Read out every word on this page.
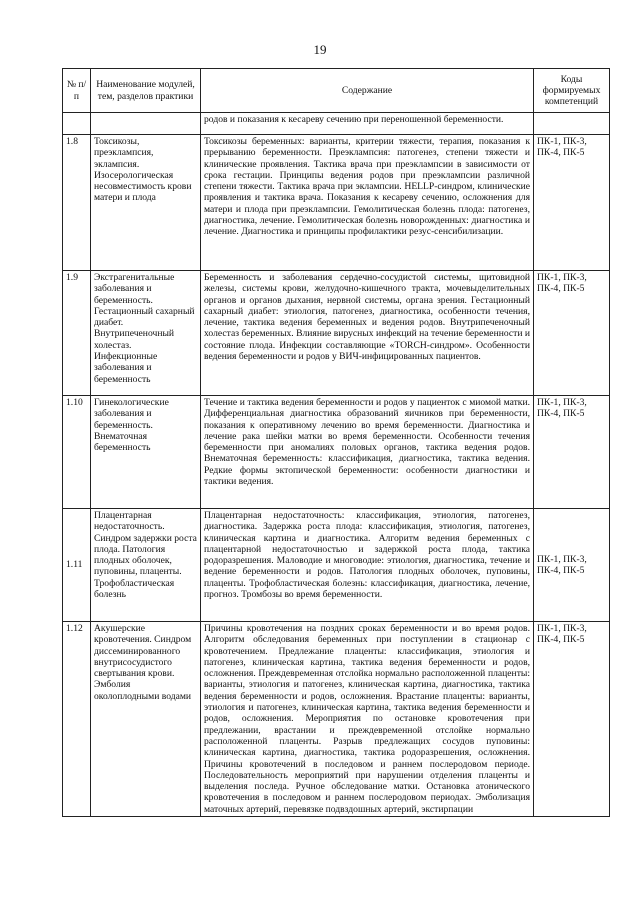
19
№ п/п	Наименование модулей, тем, разделов практики	Содержание	Коды формируемых компетенций
		родов и показания к кесареву сечению при переношенной беременности.	
1.8	Токсикозы, преэклампсия, эклампсия. Изосерологическая несовместимость крови матери и плода	Токсикозы беременных: варианты, критерии тяжести, терапия, показания к прерыванию беременности. Преэклампсия: патогенез, степени тяжести и клинические проявления. Тактика врача при преэклампсии в зависимости от срока гестации. Принципы ведения родов при преэклампсии различной степени тяжести. Тактика врача при эклампсии. HELLP-синдром, клинические проявления и тактика врача. Показания к кесареву сечению, осложнения для матери и плода при преэклампсии. Гемолитическая болезнь плода: патогенез, диагностика, лечение. Гемолитическая болезнь новорожденных: диагностика и лечение. Диагностика и принципы профилактики резус-сенсибилизации.	ПК-1, ПК-3, ПК-4, ПК-5
1.9	Экстрагенитальные заболевания и беременность. Гестационный сахарный диабет. Внутрипеченочный холестаз. Инфекционные заболевания и беременность	Беременность и заболевания сердечно-сосудистой системы, щитовидной железы, системы крови, желудочно-кишечного тракта, мочевыделительных органов и органов дыхания, нервной системы, органа зрения. Гестационный сахарный диабет: этиология, патогенез, диагностика, особенности течения, лечение, тактика ведения беременных и ведения родов. Внутрипеченочный холестаз беременных. Влияние вирусных инфекций на течение беременности и состояние плода. Инфекции составляющие «TORCH-синдром». Особенности ведения беременности и родов у ВИЧ-инфицированных пациентов.	ПК-1, ПК-3, ПК-4, ПК-5
1.10	Гинекологические заболевания и беременность. Внематочная беременность	Течение и тактика ведения беременности и родов у пациенток с миомой матки. Дифференциальная диагностика образований яичников при беременности, показания к оперативному лечению во время беременности. Диагностика и лечение рака шейки матки во время беременности. Особенности течения беременности при аномалиях половых органов, тактика ведения родов. Внематочная беременность: классификация, диагностика, тактика ведения. Редкие формы эктопической беременности: особенности диагностики и тактики ведения.	ПК-1, ПК-3, ПК-4, ПК-5
1.11	Плацентарная недостаточность. Синдром задержки роста плода. Патология плодных оболочек, пуповины, плаценты. Трофобластическая болезнь	Плацентарная недостаточность: классификация, этиология, патогенез, диагностика. Задержка роста плода: классификация, этиология, патогенез, клиническая картина и диагностика. Алгоритм ведения беременных с плацентарной недостаточностью и задержкой роста плода, тактика родоразрешения. Маловодие и многоводие: этиология, диагностика, течение и ведение беременности и родов. Патология плодных оболочек, пуповины, плаценты. Трофобластическая болезнь: классификация, диагностика, лечение, прогноз. Тромбозы во время беременности.	ПК-1, ПК-3, ПК-4, ПК-5
1.12	Акушерские кровотечения. Синдром диссеминированного внутрисосудистого свертывания крови. Эмболия околоплодными водами	Причины кровотечения на поздних сроках беременности и во время родов. Алгоритм обследования беременных при поступлении в стационар с кровотечением. Предлежание плаценты: классификация, этиология и патогенез, клиническая картина, тактика ведения беременности и родов, осложнения. Преждевременная отслойка нормально расположенной плаценты: варианты, этиология и патогенез, клиническая картина, диагностика, тактика ведения беременности и родов, осложнения. Врастание плаценты: варианты, этиология и патогенез, клиническая картина, тактика ведения беременности и родов, осложнения. Мероприятия по остановке кровотечения при предлежании, врастании и преждевременной отслойке нормально расположенной плаценты. Разрыв предлежащих сосудов пуповины: клиническая картина, диагностика, тактика родоразрешения, осложнения. Причины кровотечений в последовом и раннем послеродовом периоде. Последовательность мероприятий при нарушении отделения плаценты и выделения последа. Ручное обследование матки. Остановка атонического кровотечения в последовом и раннем послеродовом периодах. Эмболизация маточных артерий, перевязке подвздошных артерий, экстирпации	ПК-1, ПК-3, ПК-4, ПК-5
